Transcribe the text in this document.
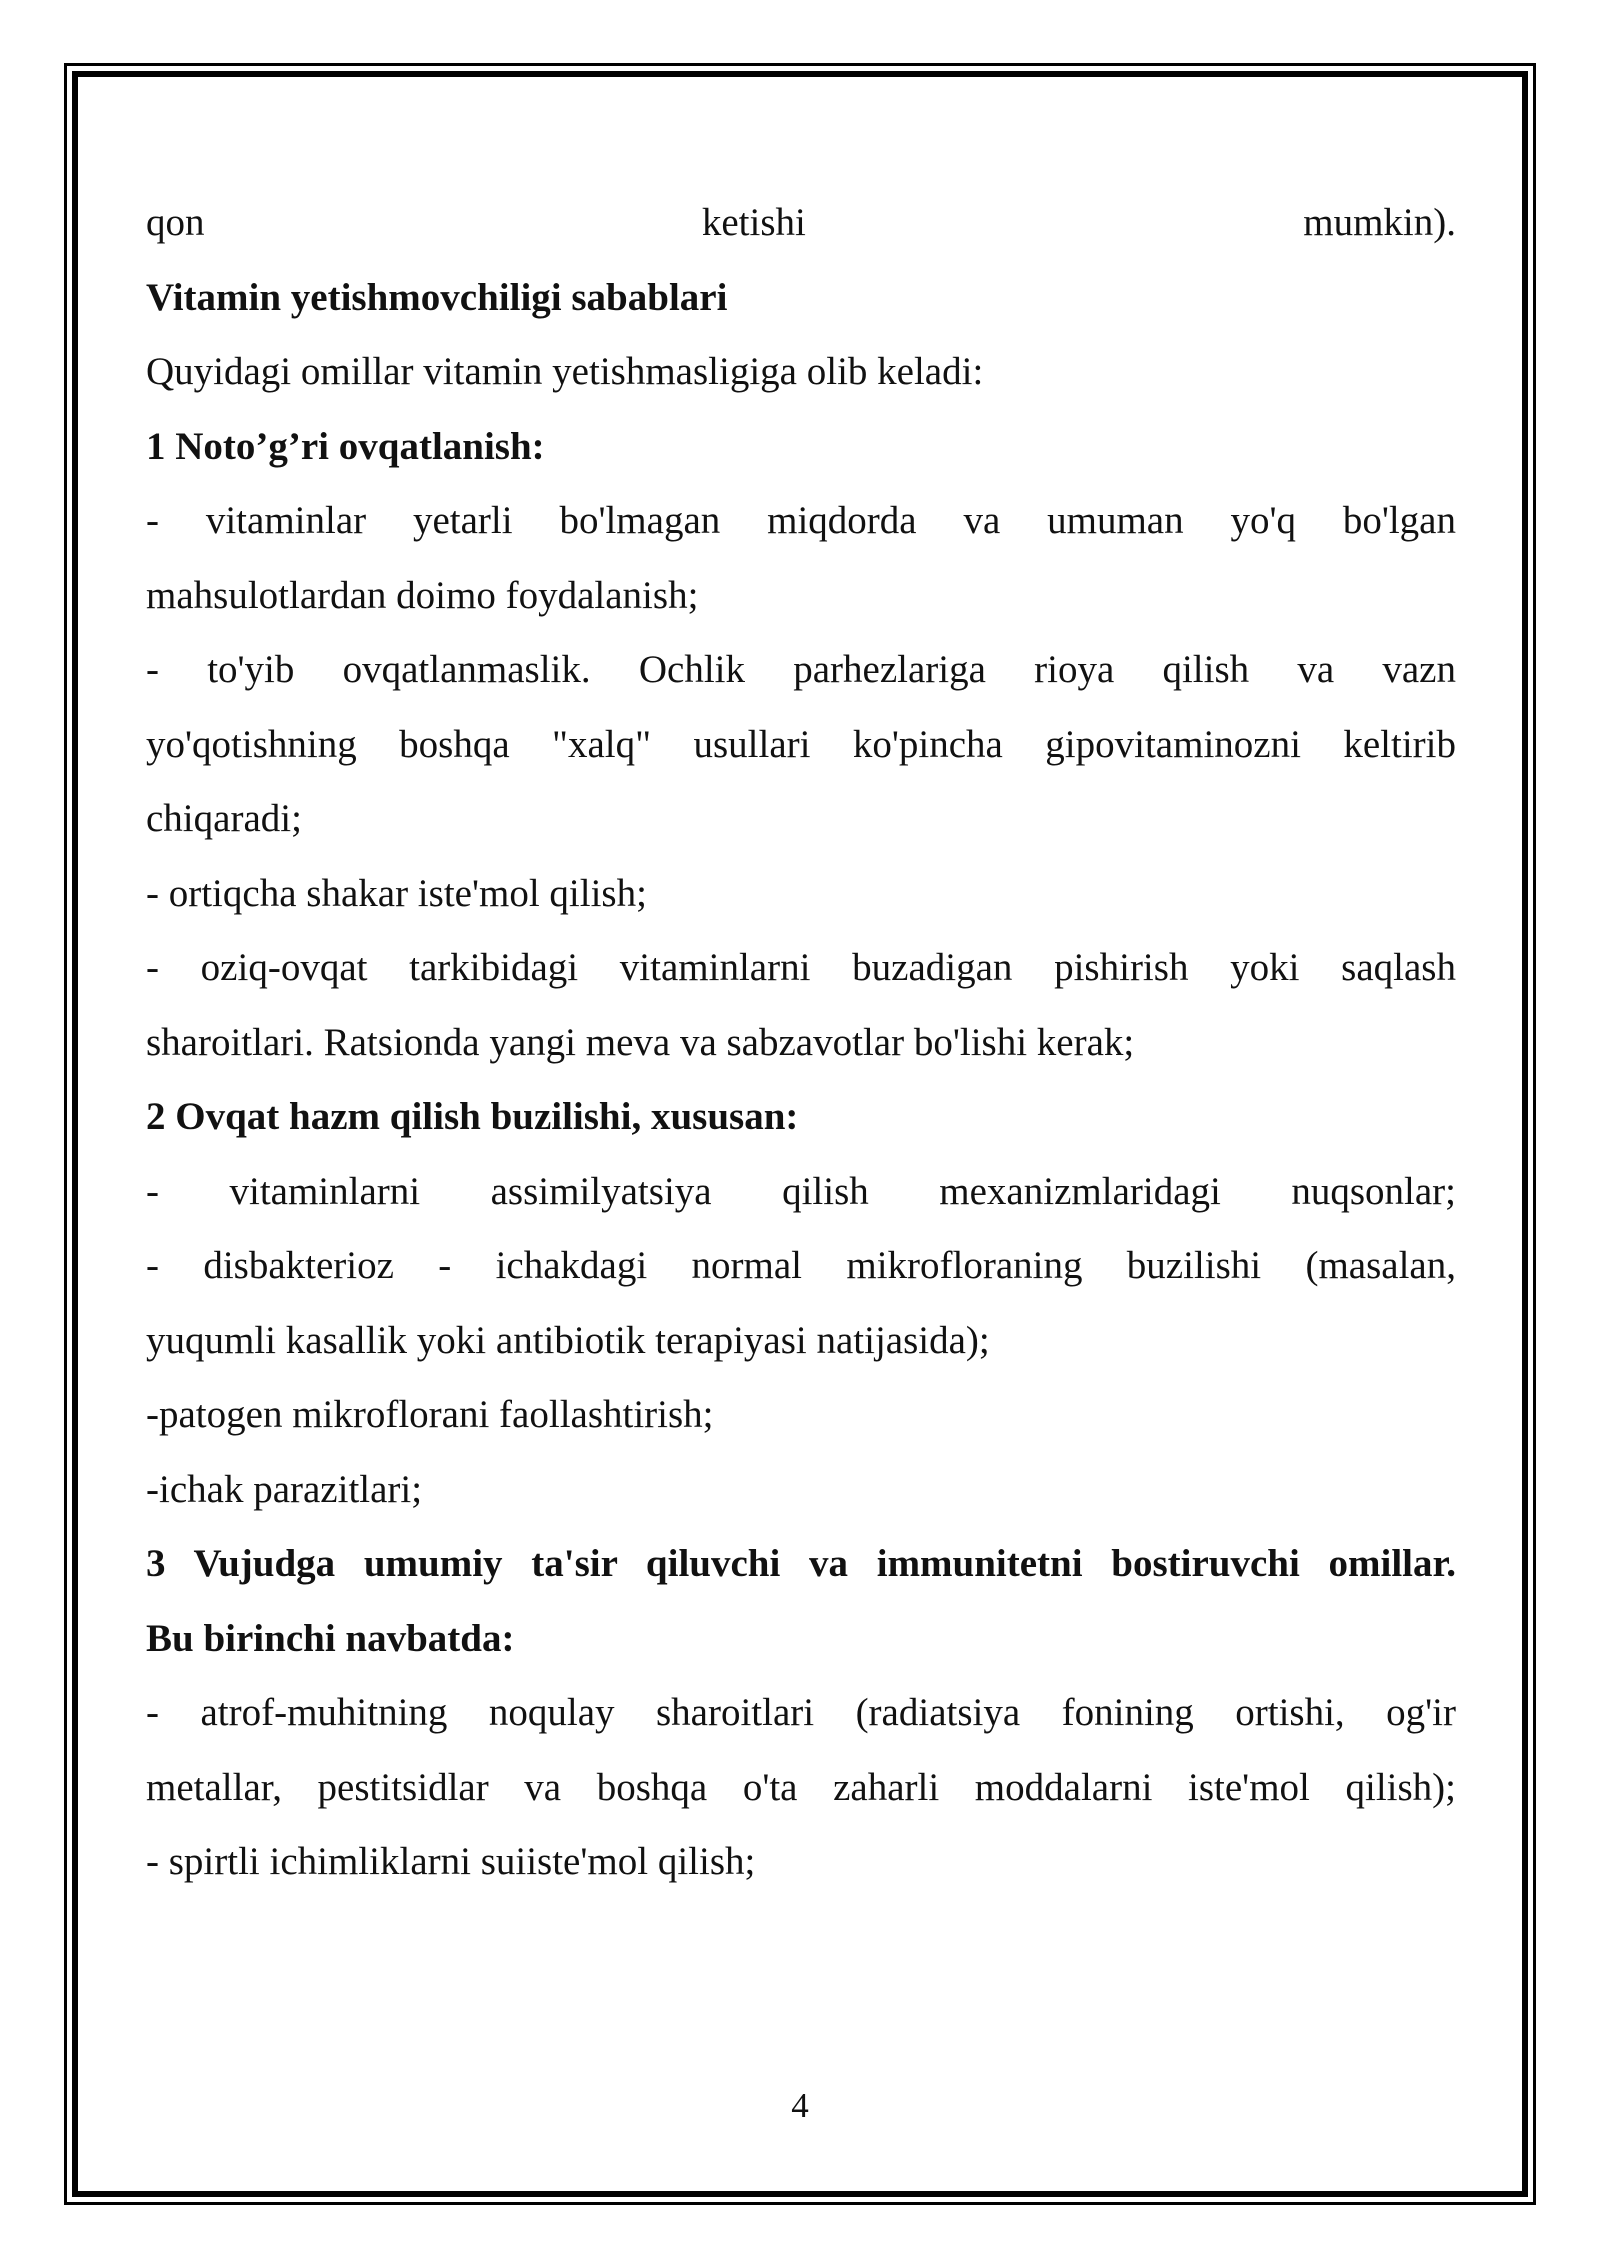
qon ketishi mumkin).
Vitamin yetishmovchiligi sabablari
Quyidagi omillar vitamin yetishmasligiga olib keladi:
1 Noto’g’ri ovqatlanish:
- vitaminlar yetarli bo'lmagan miqdorda va umuman yo'q bo'lgan
mahsulotlardan doimo foydalanish;
- to'yib ovqatlanmaslik. Ochlik parhezlariga rioya qilish va vazn
yo'qotishning boshqa "xalq" usullari ko'pincha gipovitaminozni keltirib
chiqaradi;
- ortiqcha shakar iste'mol qilish;
- oziq-ovqat tarkibidagi vitaminlarni buzadigan pishirish yoki saqlash
sharoitlari. Ratsionda yangi meva va sabzavotlar bo'lishi kerak;
2 Ovqat hazm qilish buzilishi, xususan:
- vitaminlarni assimilyatsiya qilish mexanizmlaridagi nuqsonlar;
- disbakterioz - ichakdagi normal mikrofloraning buzilishi (masalan,
yuqumli kasallik yoki antibiotik terapiyasi natijasida);
-patogen mikroflorani faollashtirish;
-ichak parazitlari;
3 Vujudga umumiy ta'sir qiluvchi va immunitetni bostiruvchi omillar.
Bu birinchi navbatda:
- atrof-muhitning noqulay sharoitlari (radiatsiya fonining ortishi, og'ir
metallar, pestitsidlar va boshqa o'ta zaharli moddalarni iste'mol qilish);
- spirtli ichimliklarni suiiste'mol qilish;
4
